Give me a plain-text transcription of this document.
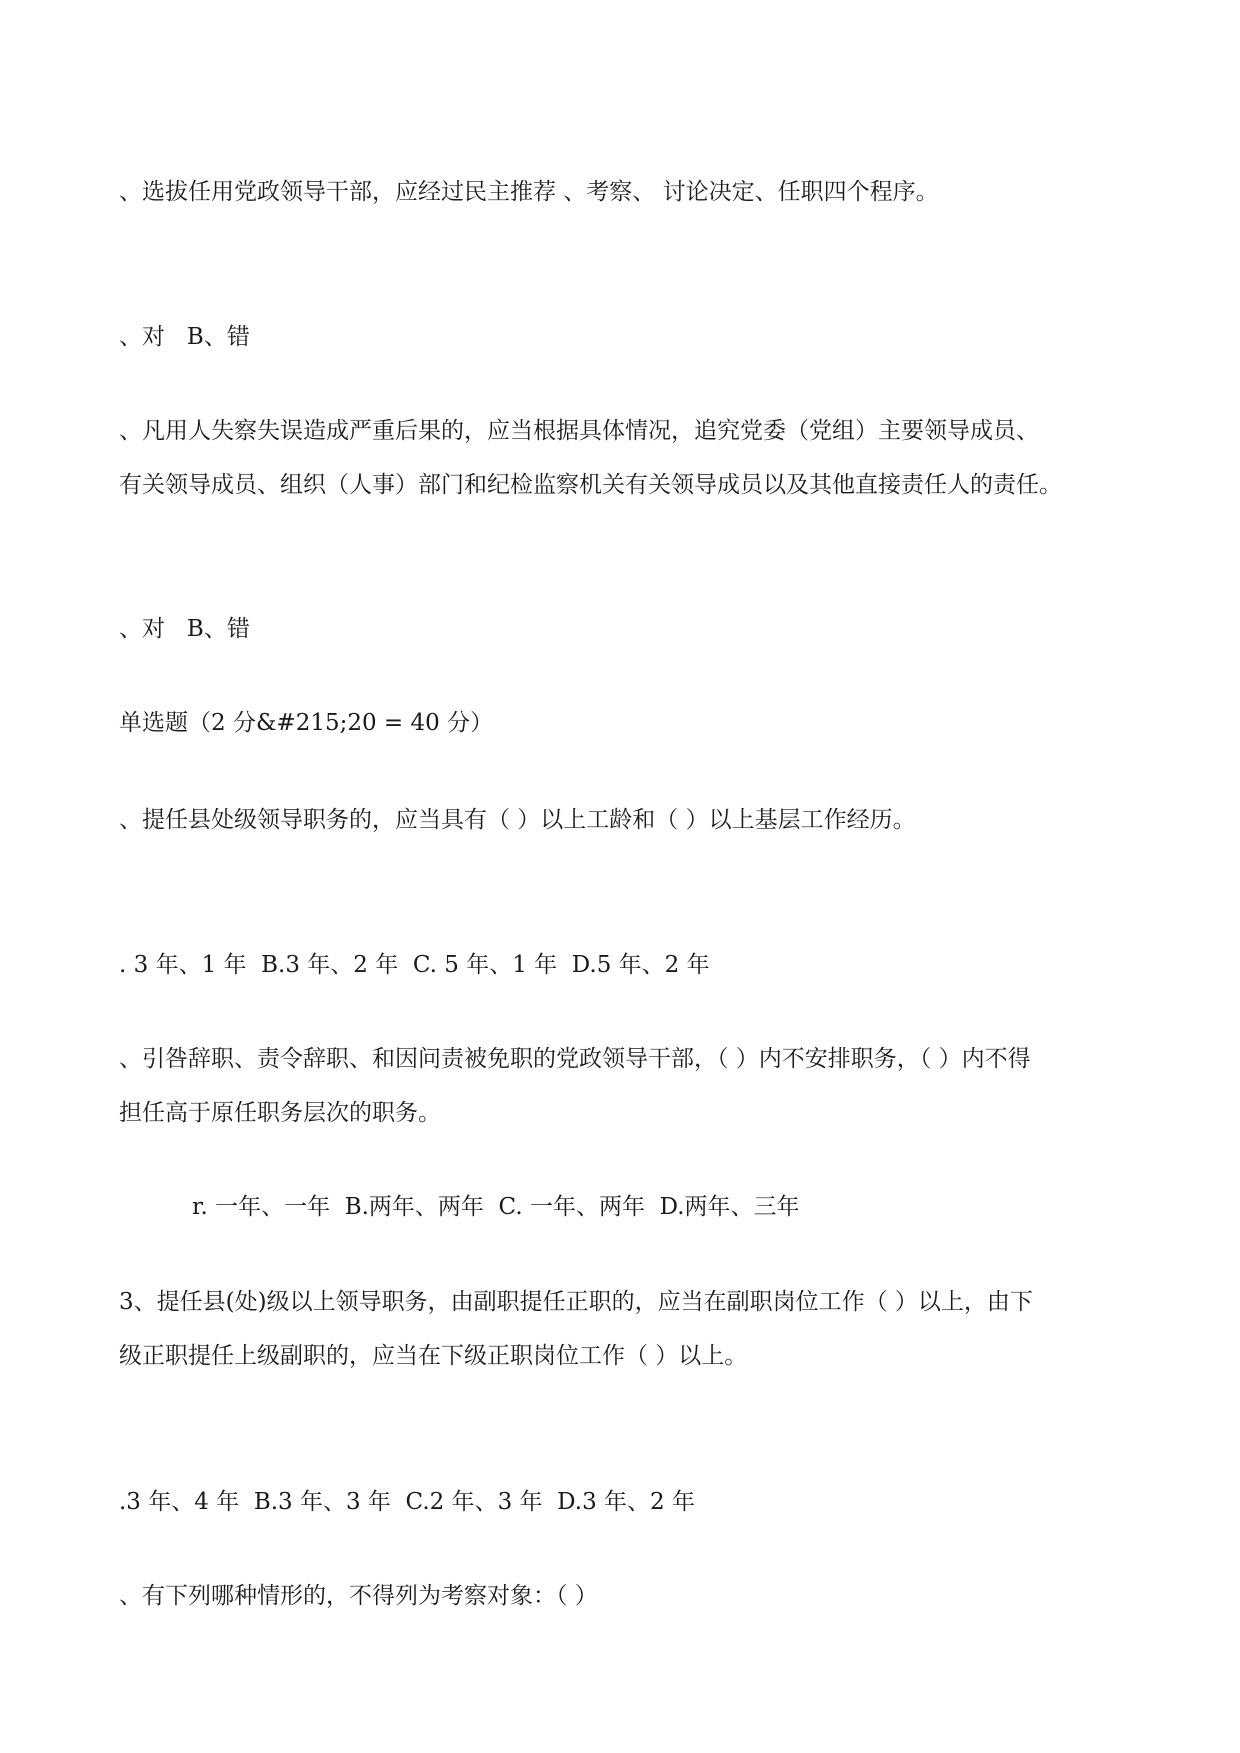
、选拔任用党政领导干部，应经过民主推荐 、考察、 讨论决定、任职四个程序。

、对   B、错

、凡用人失察失误造成严重后果的，应当根据具体情况，追究党委（党组）主要领导成员、

有关领导成员、组织（人事）部门和纪检监察机关有关领导成员以及其他直接责任人的责任。

、对   B、错

单选题（2 分&#215;20 = 40 分）

、提任县处级领导职务的，应当具有（ ）以上工龄和（ ）以上基层工作经历。

. 3 年、1 年  B.3 年、2 年  C. 5 年、1 年  D.5 年、2 年

、引咎辞职、责令辞职、和因问责被免职的党政领导干部，（ ）内不安排职务，（ ）内不得

担任高于原任职务层次的职务。

r. 一年、一年  B.两年、两年  C. 一年、两年  D.两年、三年

3、提任县(处)级以上领导职务，由副职提任正职的，应当在副职岗位工作（ ）以上，由下

级正职提任上级副职的，应当在下级正职岗位工作（ ）以上。

.3 年、4 年  B.3 年、3 年  C.2 年、3 年  D.3 年、2 年

、有下列哪种情形的，不得列为考察对象：（ ）
